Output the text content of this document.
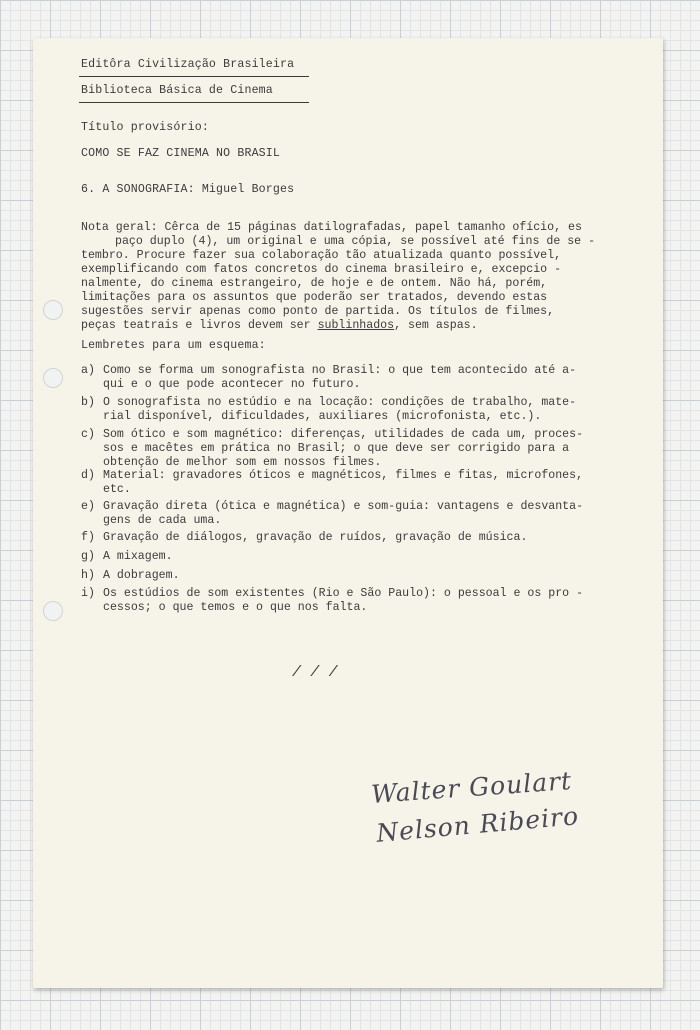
Editôra Civilização Brasileira
Biblioteca Básica de Cinema
Título provisório:
COMO SE FAZ CINEMA NO BRASIL
6. A SONOGRAFIA: Miguel Borges
Nota geral: Cêrca de 15 páginas datilografadas, papel tamanho ofício, es
paço duplo (4), um original e uma cópia, se possível até fins de se -
tembro. Procure fazer sua colaboração tão atualizada quanto possível,
exemplificando com fatos concretos do cinema brasileiro e, excepcio -
nalmente, do cinema estrangeiro, de hoje e de ontem. Não há, porém,
limitações para os assuntos que poderão ser tratados, devendo estas
sugestões servir apenas como ponto de partida. Os títulos de filmes,
peças teatrais e livros devem ser sublinhados, sem aspas.
Lembretes para um esquema:
a) Como se forma um sonografista no Brasil: o que tem acontecido até a-
qui e o que pode acontecer no futuro.
b) O sonografista no estúdio e na locação: condições de trabalho, mate-
rial disponível, dificuldades, auxiliares (microfonista, etc.).
c) Som ótico e som magnético: diferenças, utilidades de cada um, proces-
sos e macêtes em prática no Brasil; o que deve ser corrigido para a
obtenção de melhor som em nossos filmes.
d) Material: gravadores óticos e magnéticos, filmes e fitas, microfones,
etc.
e) Gravação direta (ótica e magnética) e som-guia: vantagens e desvanta-
gens de cada uma.
f) Gravação de diálogos, gravação de ruídos, gravação de música.
g) A mixagem.
h) A dobragem.
i) Os estúdios de som existentes (Rio e São Paulo): o pessoal e os pro -
cessos; o que temos e o que nos falta.
/ / /
Walter Goulart
Nelson Ribeiro
